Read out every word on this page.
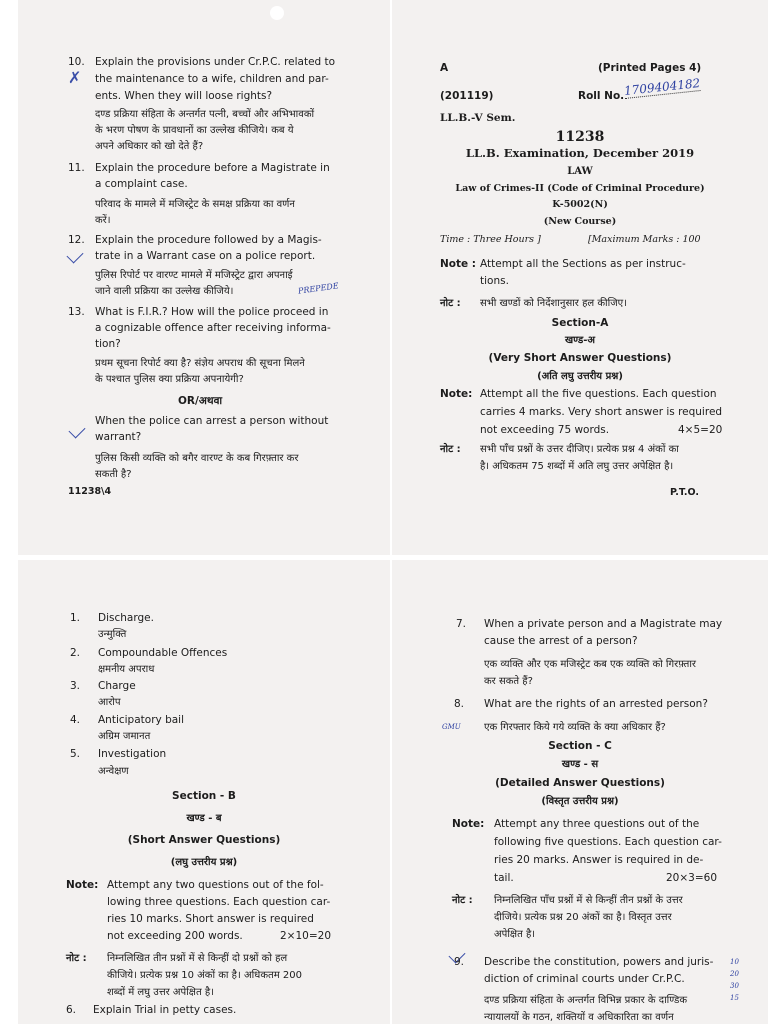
✗
10. Explain the provisions under Cr.P.C. related to
the maintenance to a wife, children and par-
ents. When they will loose rights?
दण्ड प्रक्रिया संहिता के अन्तर्गत पत्नी, बच्चों और अभिभावकों
के भरण पोषण के प्रावधानों का उल्लेख कीजिये। कब ये
अपने अधिकार को खो देते हैं?
11. Explain the procedure before a Magistrate in
a complaint case.
परिवाद के मामले में मजिस्ट्रेट के समक्ष प्रक्रिया का वर्णन
करें।
12. Explain the procedure followed by a Magis-
trate in a Warrant case on a police report.
पुलिस रिपोर्ट पर वारण्ट मामले में मजिस्ट्रेट द्वारा अपनाई
जाने वाली प्रक्रिया का उल्लेख कीजिये।	PREPEDE
13. What is F.I.R.? How will the police proceed in
a cognizable offence after receiving informa-
tion?
प्रथम सूचना रिपोर्ट क्या है? संज्ञेय अपराध की सूचना मिलने
के पश्चात पुलिस क्या प्रक्रिया अपनायेगी?
OR/अथवा
When the police can arrest a person without
warrant?
पुलिस किसी व्यक्ति को बगैर वारण्ट के कब गिरफ़्तार कर
सकती है?
11238\4
A	(Printed Pages 4)
(201119)	Roll No. 1709404182
LL.B.-V Sem.
11238
LL.B. Examination, December 2019
LAW
Law of Crimes-II (Code of Criminal Procedure)
K-5002(N)
(New Course)
Time : Three Hours ]	[Maximum Marks : 100
Note : Attempt all the Sections as per instruc-
tions.
नोट : सभी खण्डों को निर्देशानुसार हल कीजिए।
Section-A
खण्ड-अ
(Very Short Answer Questions)
(अति लघु उत्तरीय प्रश्न)
Note: Attempt all the five questions. Each question
carries 4 marks. Very short answer is required
not exceeding 75 words.	4×5=20
नोट : सभी पाँच प्रश्नों के उत्तर दीजिए। प्रत्येक प्रश्न 4 अंकों का
है। अधिकतम 75 शब्दों में अति लघु उत्तर अपेक्षित है।
P.T.O.
1. Discharge.
उन्मुक्ति
2. Compoundable Offences
क्षमनीय अपराध
3. Charge
आरोप
4. Anticipatory bail
अग्रिम जमानत
5. Investigation
अन्वेक्षण
Section - B
खण्ड - ब
(Short Answer Questions)
(लघु उत्तरीय प्रश्न)
Note: Attempt any two questions out of the fol-
lowing three questions. Each question car-
ries 10 marks. Short answer is required
not exceeding 200 words.	2×10=20
नोट : निम्नलिखित तीन प्रश्नों में से किन्हीं दो प्रश्नों को हल
कीजिये। प्रत्येक प्रश्न 10 अंकों का है। अधिकतम 200
शब्दों में लघु उत्तर अपेक्षित है।
6. Explain Trial in petty cases.
7. When a private person and a Magistrate may
cause the arrest of a person?
एक व्यक्ति और एक मजिस्ट्रेट कब एक व्यक्ति को गिरफ़्तार
कर सकते हैं?
8. What are the rights of an arrested person?
GMU एक गिरफ्तार किये गये व्यक्ति के क्या अधिकार हैं?
Section - C
खण्ड - स
(Detailed Answer Questions)
(विस्तृत उत्तरीय प्रश्न)
Note: Attempt any three questions out of the
following five questions. Each question car-
ries 20 marks. Answer is required in de-
tail.	20×3=60
नोट : निम्नलिखित पाँच प्रश्नों में से किन्हीं तीन प्रश्नों के उत्तर
दीजिये। प्रत्येक प्रश्न 20 अंकों का है। विस्तृत उत्तर
अपेक्षित है।
9. Describe the constitution, powers and juris-
diction of criminal courts under Cr.P.C.
दण्ड प्रक्रिया संहिता के अन्तर्गत विभिन्न प्रकार के दाण्डिक
न्यायालयों के गठन, शक्तियों व अधिकारिता का वर्णन
10
20
30
15
